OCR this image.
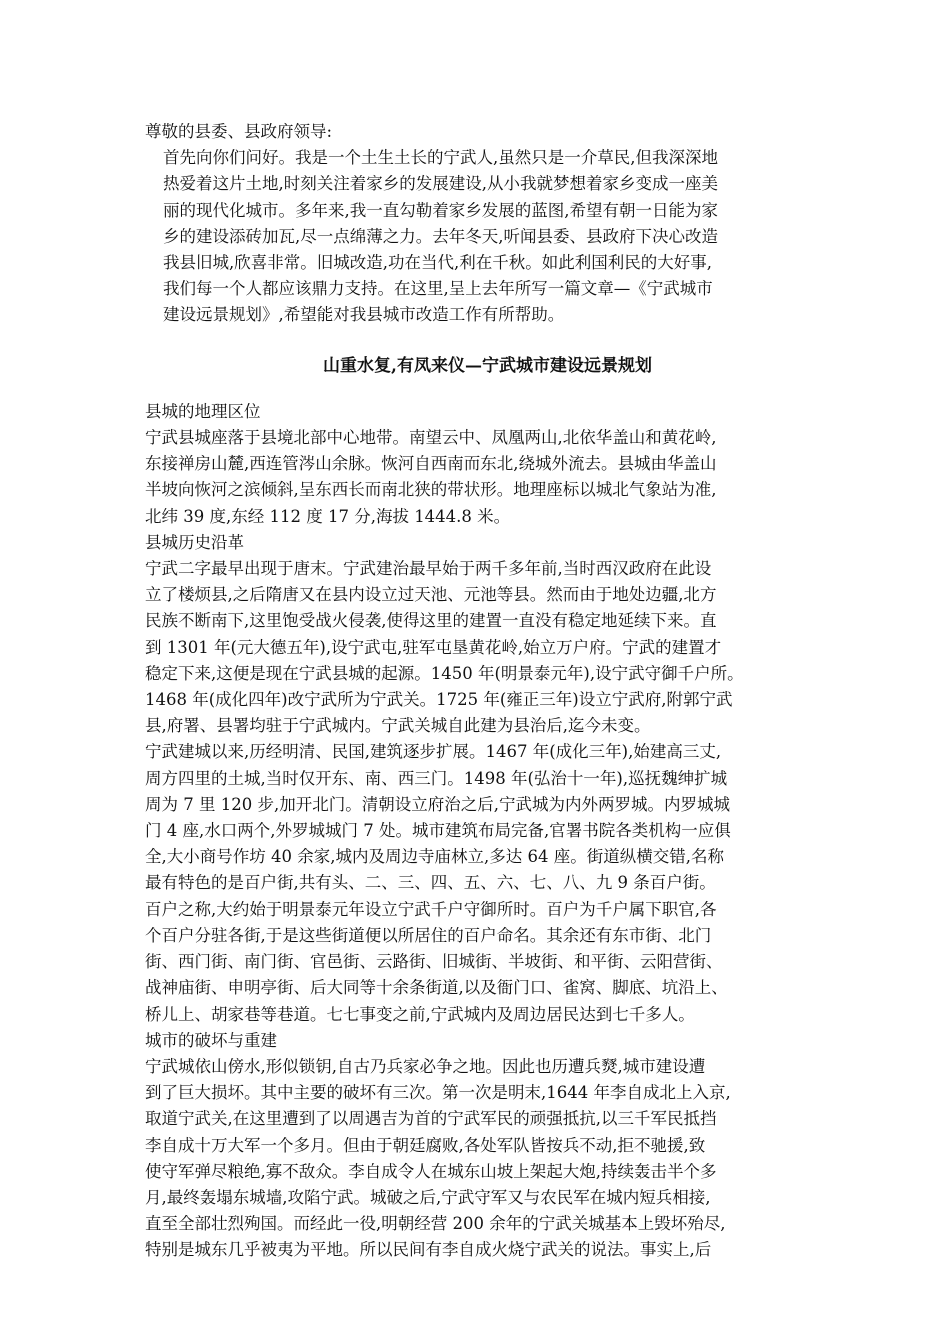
尊敬的县委、县政府领导:
首先向你们问好。我是一个土生土长的宁武人,虽然只是一介草民,但我深深地
热爱着这片土地,时刻关注着家乡的发展建设,从小我就梦想着家乡变成一座美
丽的现代化城市。多年来,我一直勾勒着家乡发展的蓝图,希望有朝一日能为家
乡的建设添砖加瓦,尽一点绵薄之力。去年冬天,听闻县委、县政府下决心改造
我县旧城,欣喜非常。旧城改造,功在当代,利在千秋。如此利国利民的大好事,
我们每一个人都应该鼎力支持。在这里,呈上去年所写一篇文章—《宁武城市
建设远景规划》,希望能对我县城市改造工作有所帮助。
山重水复,有凤来仪—宁武城市建设远景规划
县城的地理区位
宁武县城座落于县境北部中心地带。南望云中、凤凰两山,北依华盖山和黄花岭,
东接禅房山麓,西连管涔山余脉。恢河自西南而东北,绕城外流去。县城由华盖山
半坡向恢河之滨倾斜,呈东西长而南北狭的带状形。地理座标以城北气象站为准,
北纬 39 度,东经 112 度 17 分,海拔 1444.8 米。
县城历史沿革
宁武二字最早出现于唐末。宁武建治最早始于两千多年前,当时西汉政府在此设
立了楼烦县,之后隋唐又在县内设立过天池、元池等县。然而由于地处边疆,北方
民族不断南下,这里饱受战火侵袭,使得这里的建置一直没有稳定地延续下来。直
到 1301 年(元大德五年),设宁武屯,驻军屯垦黄花岭,始立万户府。宁武的建置才
稳定下来,这便是现在宁武县城的起源。1450 年(明景泰元年),设宁武守御千户所。
1468 年(成化四年)改宁武所为宁武关。1725 年(雍正三年)设立宁武府,附郭宁武
县,府署、县署均驻于宁武城内。宁武关城自此建为县治后,迄今未变。
宁武建城以来,历经明清、民国,建筑逐步扩展。1467 年(成化三年),始建高三丈,
周方四里的土城,当时仅开东、南、西三门。1498 年(弘治十一年),巡抚魏绅扩城
周为 7 里 120 步,加开北门。清朝设立府治之后,宁武城为内外两罗城。内罗城城
门 4 座,水口两个,外罗城城门 7 处。城市建筑布局完备,官署书院各类机构一应俱
全,大小商号作坊 40 余家,城内及周边寺庙林立,多达 64 座。街道纵横交错,名称
最有特色的是百户街,共有头、二、三、四、五、六、七、八、九 9 条百户街。
百户之称,大约始于明景泰元年设立宁武千户守御所时。百户为千户属下职官,各
个百户分驻各街,于是这些街道便以所居住的百户命名。其余还有东市街、北门
街、西门街、南门街、官邑街、云路街、旧城街、半坡街、和平街、云阳营街、
战神庙街、申明亭街、后大同等十余条街道,以及衙门口、雀窝、脚底、坑沿上、
桥儿上、胡家巷等巷道。七七事变之前,宁武城内及周边居民达到七千多人。
城市的破坏与重建
宁武城依山傍水,形似锁钥,自古乃兵家必争之地。因此也历遭兵燹,城市建设遭
到了巨大损坏。其中主要的破坏有三次。第一次是明末,1644 年李自成北上入京,
取道宁武关,在这里遭到了以周遇吉为首的宁武军民的顽强抵抗,以三千军民抵挡
李自成十万大军一个多月。但由于朝廷腐败,各处军队皆按兵不动,拒不驰援,致
使守军弹尽粮绝,寡不敌众。李自成令人在城东山坡上架起大炮,持续轰击半个多
月,最终轰塌东城墙,攻陷宁武。城破之后,宁武守军又与农民军在城内短兵相接,
直至全部壮烈殉国。而经此一役,明朝经营 200 余年的宁武关城基本上毁坏殆尽,
特别是城东几乎被夷为平地。所以民间有李自成火烧宁武关的说法。事实上,后
